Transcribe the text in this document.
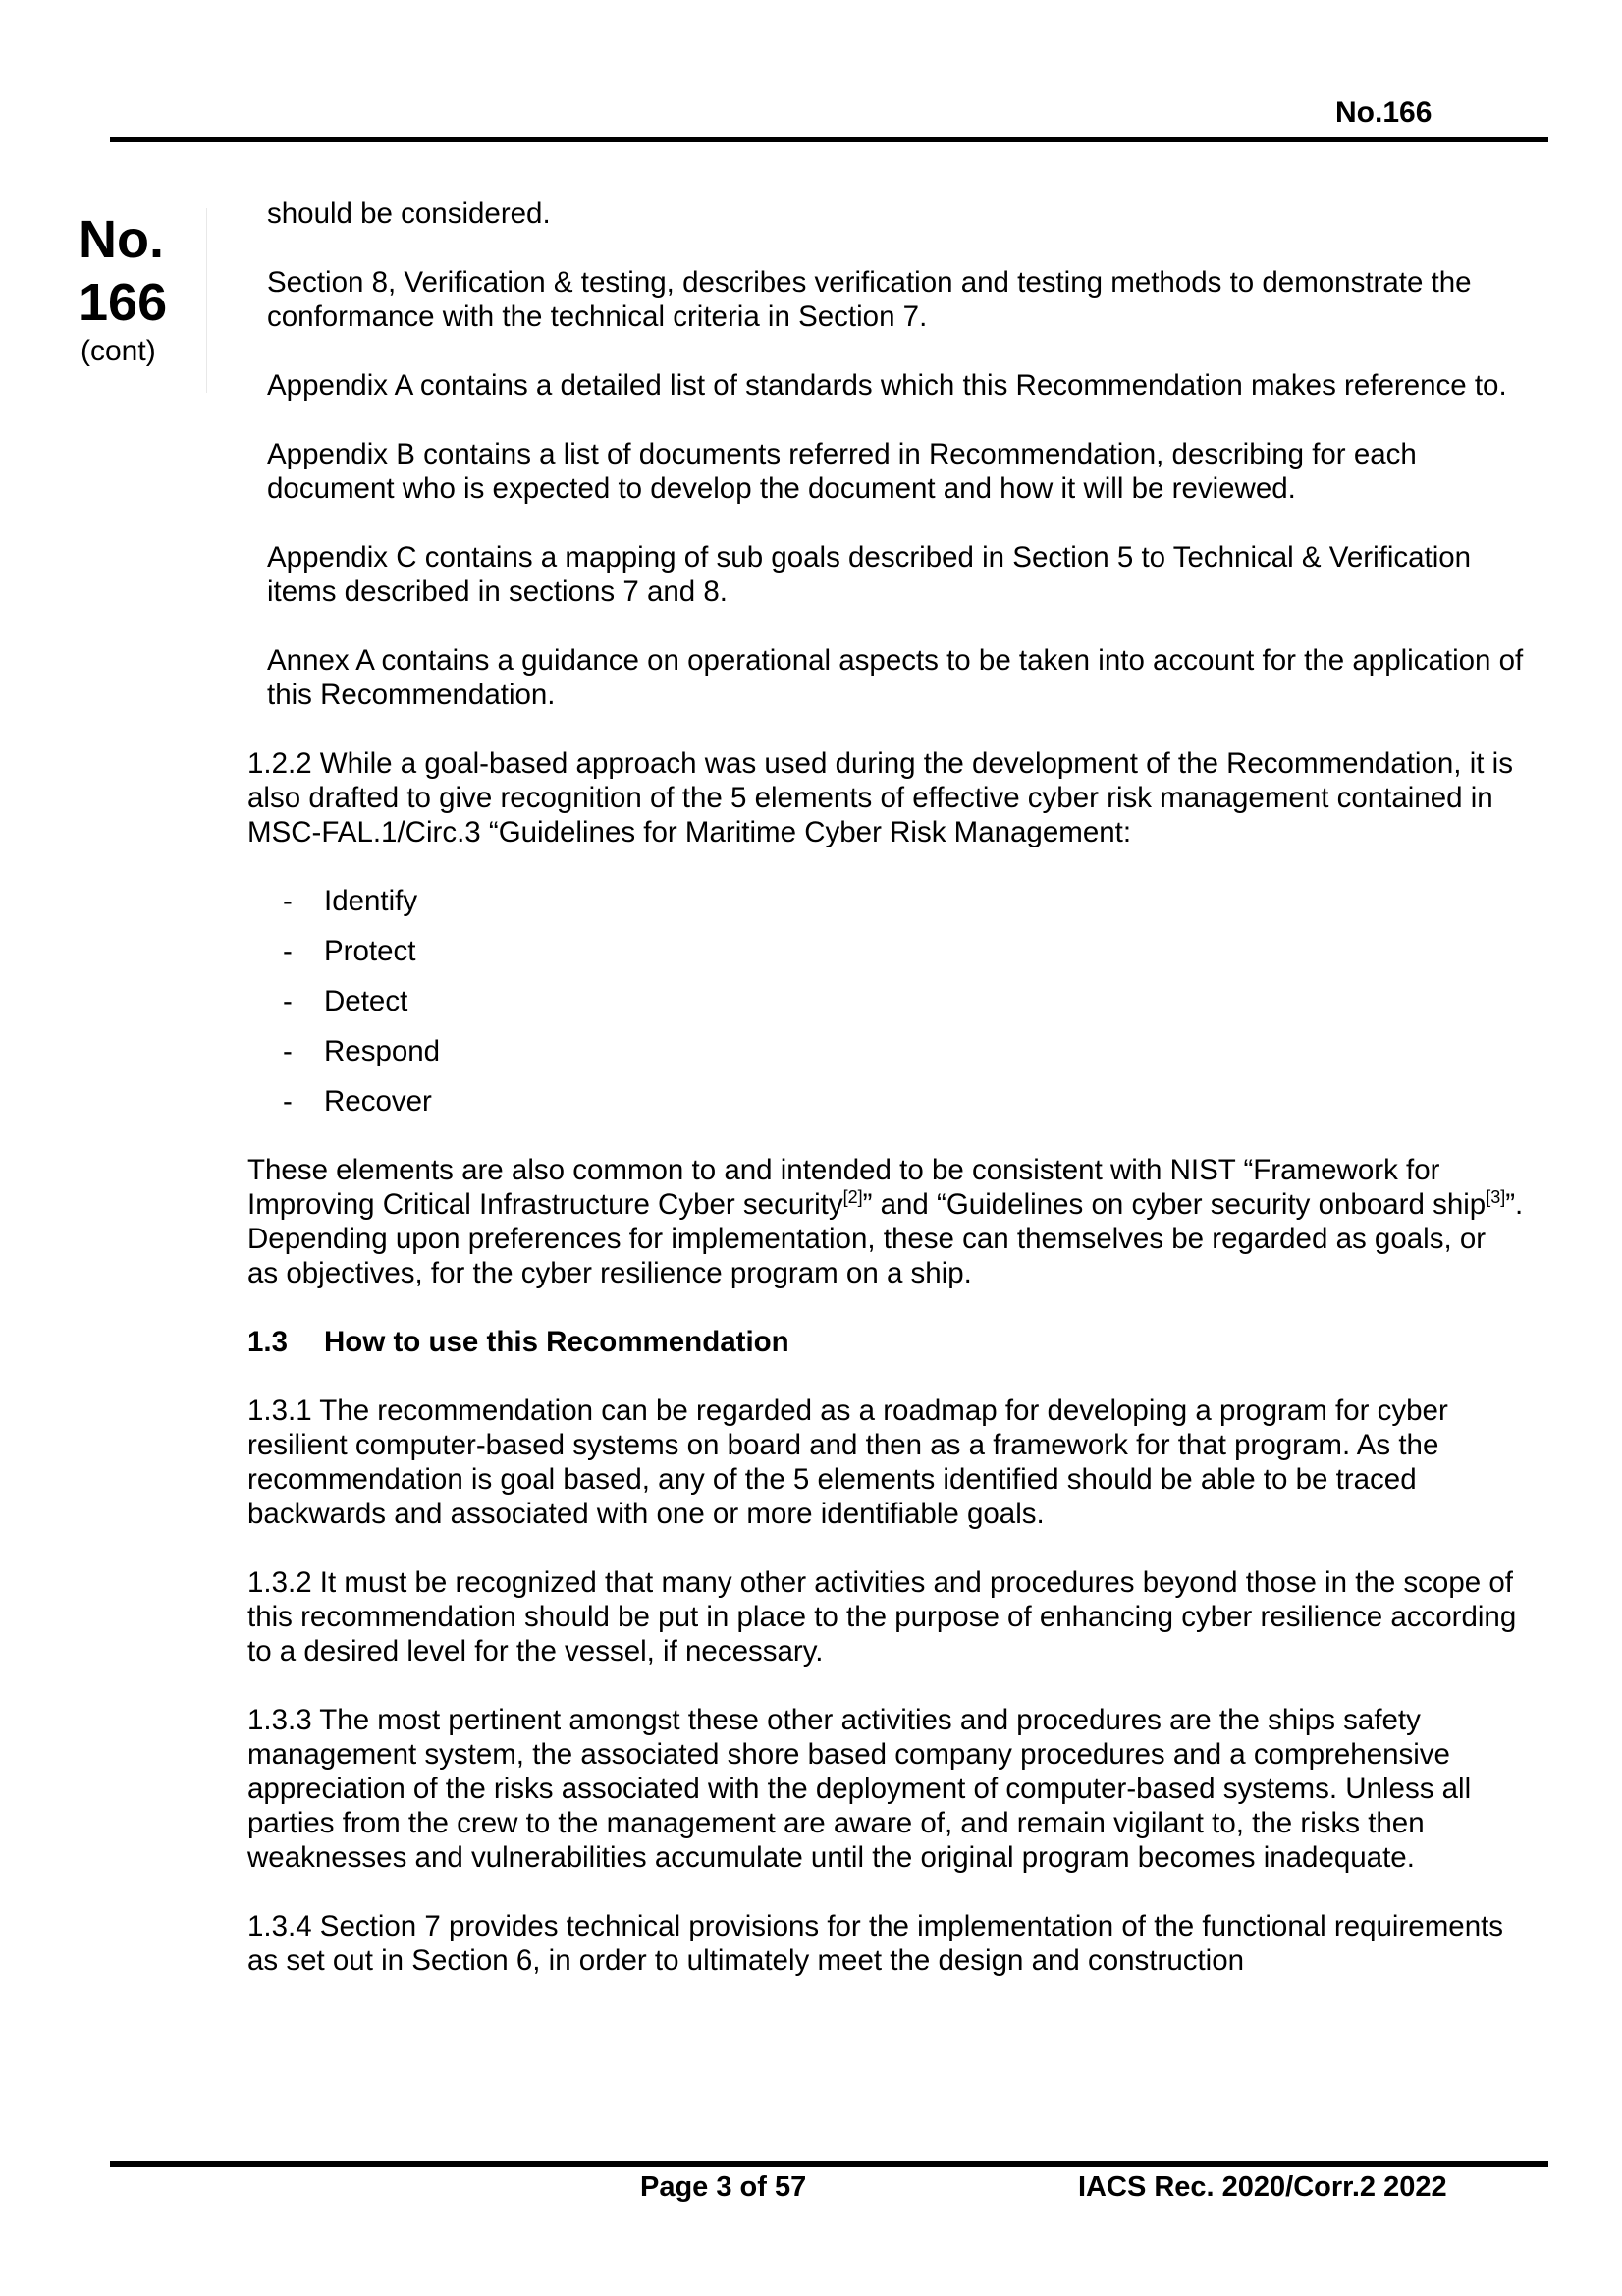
No.166
No.
166
(cont)

should be considered.

Section 8, Verification & testing, describes verification and testing methods to demonstrate the conformance with the technical criteria in Section 7.

Appendix A contains a detailed list of standards which this Recommendation makes reference to.

Appendix B contains a list of documents referred in Recommendation, describing for each document who is expected to develop the document and how it will be reviewed.

Appendix C contains a mapping of sub goals described in Section 5 to Technical & Verification items described in sections 7 and 8.

Annex A contains a guidance on operational aspects to be taken into account for the application of this Recommendation.

1.2.2 While a goal-based approach was used during the development of the Recommendation, it is also drafted to give recognition of the 5 elements of effective cyber risk management contained in MSC-FAL.1/Circ.3 “Guidelines for Maritime Cyber Risk Management:

-	Identify
-	Protect
-	Detect
-	Respond
-	Recover

These elements are also common to and intended to be consistent with NIST “Framework for Improving Critical Infrastructure Cyber security[2]” and “Guidelines on cyber security onboard ship[3]”. Depending upon preferences for implementation, these can themselves be regarded as goals, or as objectives, for the cyber resilience program on a ship.

1.3 How to use this Recommendation

1.3.1 The recommendation can be regarded as a roadmap for developing a program for cyber resilient computer-based systems on board and then as a framework for that program. As the recommendation is goal based, any of the 5 elements identified should be able to be traced backwards and associated with one or more identifiable goals.

1.3.2 It must be recognized that many other activities and procedures beyond those in the scope of this recommendation should be put in place to the purpose of enhancing cyber resilience according to a desired level for the vessel, if necessary.

1.3.3 The most pertinent amongst these other activities and procedures are the ships safety management system, the associated shore based company procedures and a comprehensive appreciation of the risks associated with the deployment of computer-based systems. Unless all parties from the crew to the management are aware of, and remain vigilant to, the risks then weaknesses and vulnerabilities accumulate until the original program becomes inadequate.

1.3.4 Section 7 provides technical provisions for the implementation of the functional requirements as set out in Section 6, in order to ultimately meet the design and construction

Page 3 of 57	IACS Rec. 2020/Corr.2 2022
